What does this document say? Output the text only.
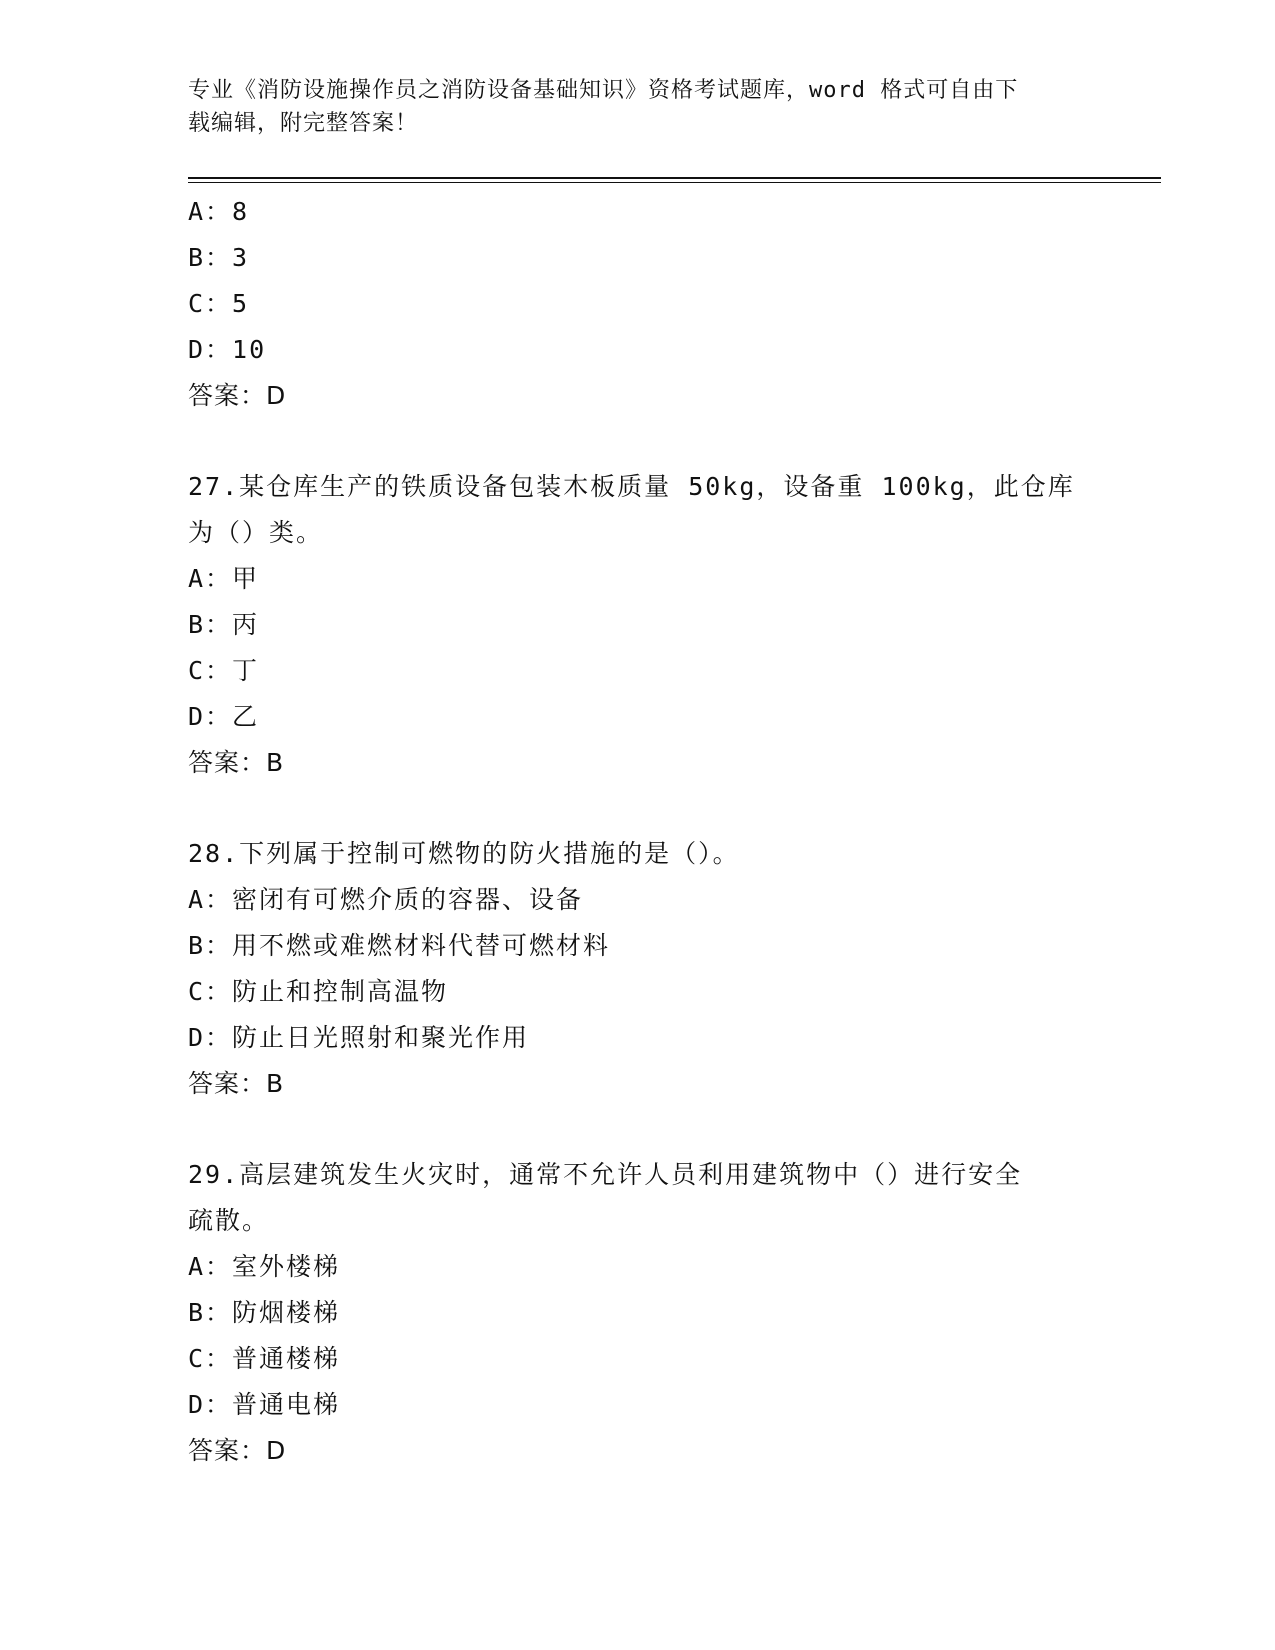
专业《消防设施操作员之消防设备基础知识》资格考试题库，word 格式可自由下
载编辑，附完整答案！
A：8
B：3
C：5
D：10
答案：D
27.某仓库生产的铁质设备包装木板质量 50kg，设备重 100kg，此仓库
为（）类。
A：甲
B：丙
C：丁
D：乙
答案：B
28.下列属于控制可燃物的防火措施的是（）。
A：密闭有可燃介质的容器、设备
B：用不燃或难燃材料代替可燃材料
C：防止和控制高温物
D：防止日光照射和聚光作用
答案：B
29.高层建筑发生火灾时，通常不允许人员利用建筑物中（）进行安全
疏散。
A：室外楼梯
B：防烟楼梯
C：普通楼梯
D：普通电梯
答案：D
